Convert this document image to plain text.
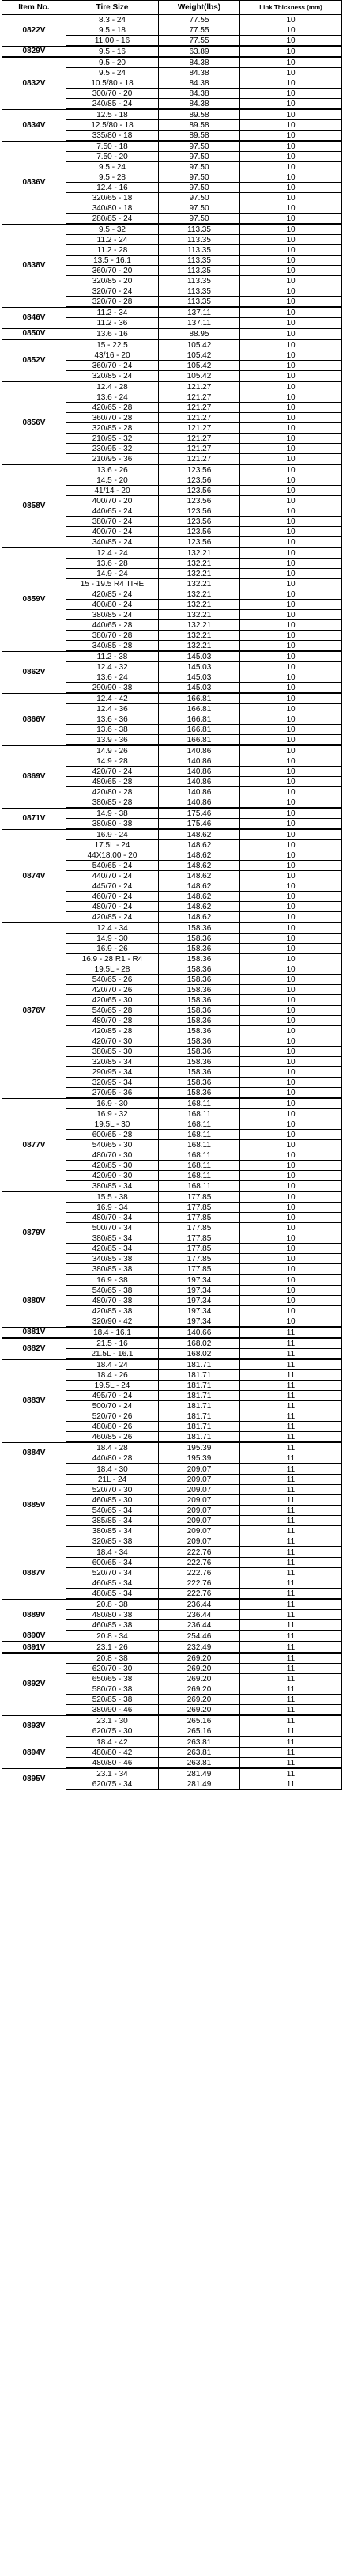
Item No.	Tire Size	Weight(lbs)	Link Thickness (mm)
0822V	8.3 - 24	77.55	10
	9.5 - 18	77.55	10
	11.00 - 16	77.55	10
0829V	9.5 - 16	63.89	10
0832V	9.5 - 20	84.38	10
	9.5 - 24	84.38	10
	10.5/80 - 18	84.38	10
	300/70 - 20	84.38	10
	240/85 - 24	84.38	10
0834V	12.5 - 18	89.58	10
	12.5/80 - 18	89.58	10
	335/80 - 18	89.58	10
0836V	7.50 - 18	97.50	10
	7.50 - 20	97.50	10
	9.5 - 24	97.50	10
	9.5 - 28	97.50	10
	12.4 - 16	97.50	10
	320/65 - 18	97.50	10
	340/80 - 18	97.50	10
	280/85 - 24	97.50	10
0838V	9.5 - 32	113.35	10
	11.2 - 24	113.35	10
	11.2 - 28	113.35	10
	13.5 - 16.1	113.35	10
	360/70 - 20	113.35	10
	320/85 - 20	113.35	10
	320/70 - 24	113.35	10
	320/70 - 28	113.35	10
0846V	11.2 - 34	137.11	10
	11.2 - 36	137.11	10
0850V	13.6 - 16	88.95	10
0852V	15 - 22.5	105.42	10
	43/16 - 20	105.42	10
	360/70 - 24	105.42	10
	320/85 - 24	105.42	10
0856V	12.4 - 28	121.27	10
	13.6 - 24	121.27	10
	420/65 - 28	121.27	10
	360/70 - 28	121.27	10
	320/85 - 28	121.27	10
	210/95 - 32	121.27	10
	230/95 - 32	121.27	10
	210/95 - 36	121.27	10
0858V	13.6 - 26	123.56	10
	14.5 - 20	123.56	10
	41/14 - 20	123.56	10
	400/70 - 20	123.56	10
	440/65 - 24	123.56	10
	380/70 - 24	123.56	10
	400/70 - 24	123.56	10
	340/85 - 24	123.56	10
0859V	12.4 - 24	132.21	10
	13.6 - 28	132.21	10
	14.9 - 24	132.21	10
	15 - 19.5 R4 TIRE	132.21	10
	420/85 - 24	132.21	10
	400/80 - 24	132.21	10
	380/85 - 24	132.21	10
	440/65 - 28	132.21	10
	380/70 - 28	132.21	10
	340/85 - 28	132.21	10
0862V	11.2 - 38	145.03	10
	12.4 - 32	145.03	10
	13.6 - 24	145.03	10
	290/90 - 38	145.03	10
0866V	12.4 - 42	166.81	10
	12.4 - 36	166.81	10
	13.6 - 36	166.81	10
	13.6 - 38	166.81	10
	13.9 - 36	166.81	10
0869V	14.9 - 26	140.86	10
	14.9 - 28	140.86	10
	420/70 - 24	140.86	10
	480/65 - 28	140.86	10
	420/80 - 28	140.86	10
	380/85 - 28	140.86	10
0871V	14.9 - 38	175.46	10
	380/80 - 38	175.46	10
0874V	16.9 - 24	148.62	10
	17.5L - 24	148.62	10
	44X18.00 - 20	148.62	10
	540/65 - 24	148.62	10
	440/70 - 24	148.62	10
	445/70 - 24	148.62	10
	460/70 - 24	148.62	10
	480/70 - 24	148.62	10
	420/85 - 24	148.62	10
0876V	12.4 - 34	158.36	10
	14.9 - 30	158.36	10
	16.9 - 26	158.36	10
	16.9 - 28 R1 - R4	158.36	10
	19.5L - 28	158.36	10
	540/65 - 26	158.36	10
	420/70 - 26	158.36	10
	420/65 - 30	158.36	10
	540/65 - 28	158.36	10
	480/70 - 28	158.36	10
	420/85 - 28	158.36	10
	420/70 - 30	158.36	10
	380/85 - 30	158.36	10
	320/85 - 34	158.36	10
	290/95 - 34	158.36	10
	320/95 - 34	158.36	10
	270/95 - 36	158.36	10
0877V	16.9 - 30	168.11	10
	16.9 - 32	168.11	10
	19.5L - 30	168.11	10
	600/65 - 28	168.11	10
	540/65 - 30	168.11	10
	480/70 - 30	168.11	10
	420/85 - 30	168.11	10
	420/90 - 30	168.11	10
	380/85 - 34	168.11	10
0879V	15.5 - 38	177.85	10
	16.9 - 34	177.85	10
	480/70 - 34	177.85	10
	500/70 - 34	177.85	10
	380/85 - 34	177.85	10
	420/85 - 34	177.85	10
	340/85 - 38	177.85	10
	380/85 - 38	177.85	10
0880V	16.9 - 38	197.34	10
	540/65 - 38	197.34	10
	480/70 - 38	197.34	10
	420/85 - 38	197.34	10
	320/90 - 42	197.34	10
0881V	18.4 - 16.1	140.66	11
0882V	21.5 - 16	168.02	11
	21.5L - 16.1	168.02	11
0883V	18.4 - 24	181.71	11
	18.4 - 26	181.71	11
	19.5L - 24	181.71	11
	495/70 - 24	181.71	11
	500/70 - 24	181.71	11
	520/70 - 26	181.71	11
	480/80 - 26	181.71	11
	460/85 - 26	181.71	11
0884V	18.4 - 28	195.39	11
	440/80 - 28	195.39	11
0885V	18.4 - 30	209.07	11
	21L - 24	209.07	11
	520/70 - 30	209.07	11
	460/85 - 30	209.07	11
	540/65 - 34	209.07	11
	385/85 - 34	209.07	11
	380/85 - 34	209.07	11
	320/85 - 38	209.07	11
0887V	18.4 - 34	222.76	11
	600/65 - 34	222.76	11
	520/70 - 34	222.76	11
	460/85 - 34	222.76	11
	480/85 - 34	222.76	11
0889V	20.8 - 38	236.44	11
	480/80 - 38	236.44	11
	460/85 - 38	236.44	11
0890V	20.8 - 34	254.46	11
0891V	23.1 - 26	232.49	11
0892V	20.8 - 38	269.20	11
	620/70 - 30	269.20	11
	650/65 - 38	269.20	11
	580/70 - 38	269.20	11
	520/85 - 38	269.20	11
	380/90 - 46	269.20	11
0893V	23.1 - 30	265.16	11
	620/75 - 30	265.16	11
0894V	18.4 - 42	263.81	11
	480/80 - 42	263.81	11
	480/80 - 46	263.81	11
0895V	23.1 - 34	281.49	11
	620/75 - 34	281.49	11
